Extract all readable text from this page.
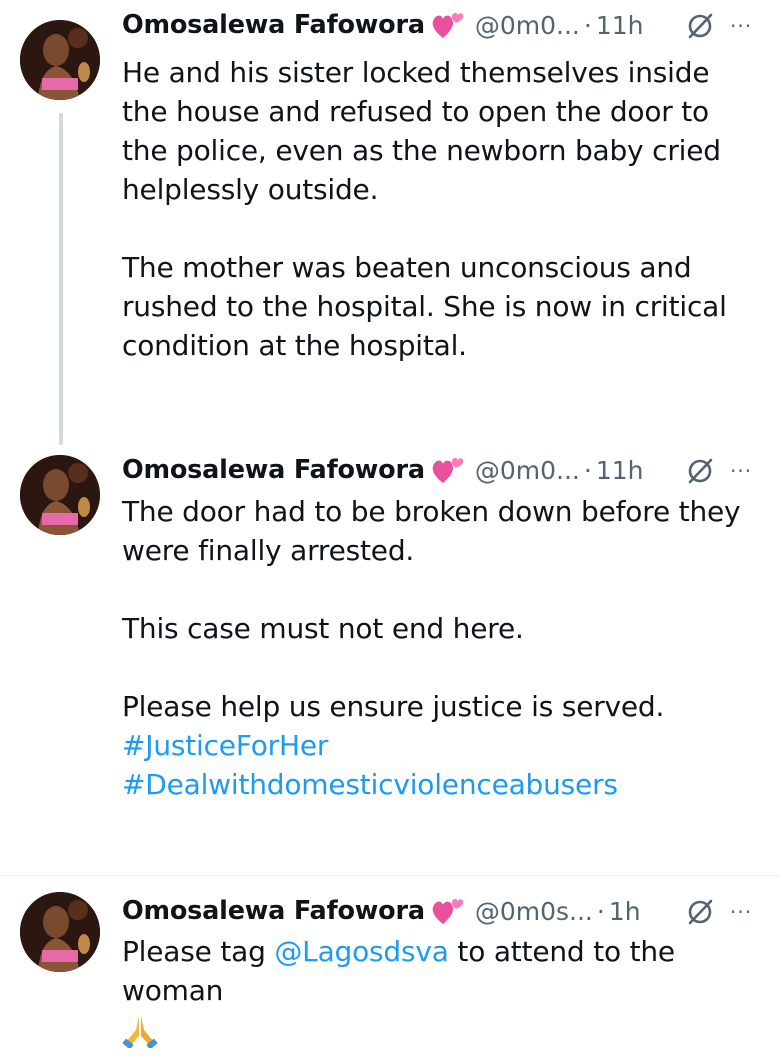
Omosalewa Fafowora @0m0... · 11h	···

He and his sister locked themselves inside the house and refused to open the door to the police, even as the newborn baby cried helplessly outside.

The mother was beaten unconscious and rushed to the hospital. She is now in critical condition at the hospital.

Omosalewa Fafowora @0m0... · 11h	···

The door had to be broken down before they were finally arrested.

This case must not end here.

Please help us ensure justice is served.

#JusticeForHer

#Dealwithdomesticviolenceabusers

Omosalewa Fafowora @0m0s... · 1h	···

Please tag @Lagosdsva to attend to the woman
